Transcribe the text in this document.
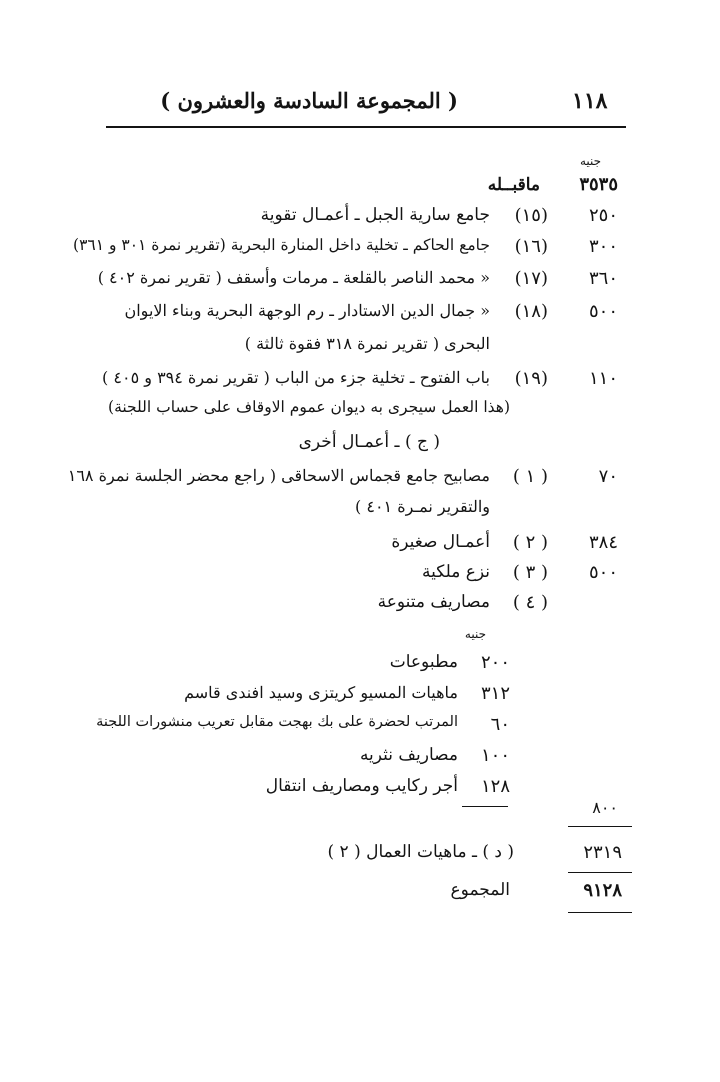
( المجموعة السادسة والعشرون )	١١٨
جنيه
٣٥٣٥
ماقبــله
٢٥٠
(١٥)
جامع سارية الجبل ـ أعمـال تقوية
٣٠٠
(١٦)
جامع الحاكم ـ تخلية داخل المنارة البحرية (تقرير نمرة ٣٠١ و ٣٦١)
٣٦٠
(١٧)
« محمد الناصر بالقلعة ـ مرمات وأسقف ( تقرير نمرة ٤٠٢ )
٥٠٠
(١٨)
« جمال الدين الاستادار ـ رم الوجهة البحرية وبناء الايوان
البحرى ( تقرير نمرة ٣١٨ فقوة ثالثة )
١١٠
(١٩)
باب الفتوح ـ تخلية جزء من الباب ( تقرير نمرة ٣٩٤ و ٤٠٥ )
(هذا العمل سيجرى به ديوان عموم الاوقاف على حساب اللجنة)
( ج ) ـ أعمـال أخرى
٧٠
( ١ )
مصابيح جامع قجماس الاسحاقى ( راجع محضر الجلسة نمرة ١٦٨
والتقرير نمـرة ٤٠١ )
٣٨٤
( ٢ )
أعمـال صغيرة
٥٠٠
( ٣ )
نزع ملكية
( ٤ )
مصاريف متنوعة
جنيه
٢٠٠
مطبوعات
٣١٢
ماهيات المسيو كريتزى وسيد افندى قاسم
٦٠
المرتب لحضرة على بك بهجت مقابل تعريب منشورات اللجنة
١٠٠
مصاريف نثريه
١٢٨
أجر ركايب ومصاريف انتقال
٨٠٠
٢٣١٩
( د ) ـ ماهيات العمال ( ٢ )
٩١٢٨
المجموع
